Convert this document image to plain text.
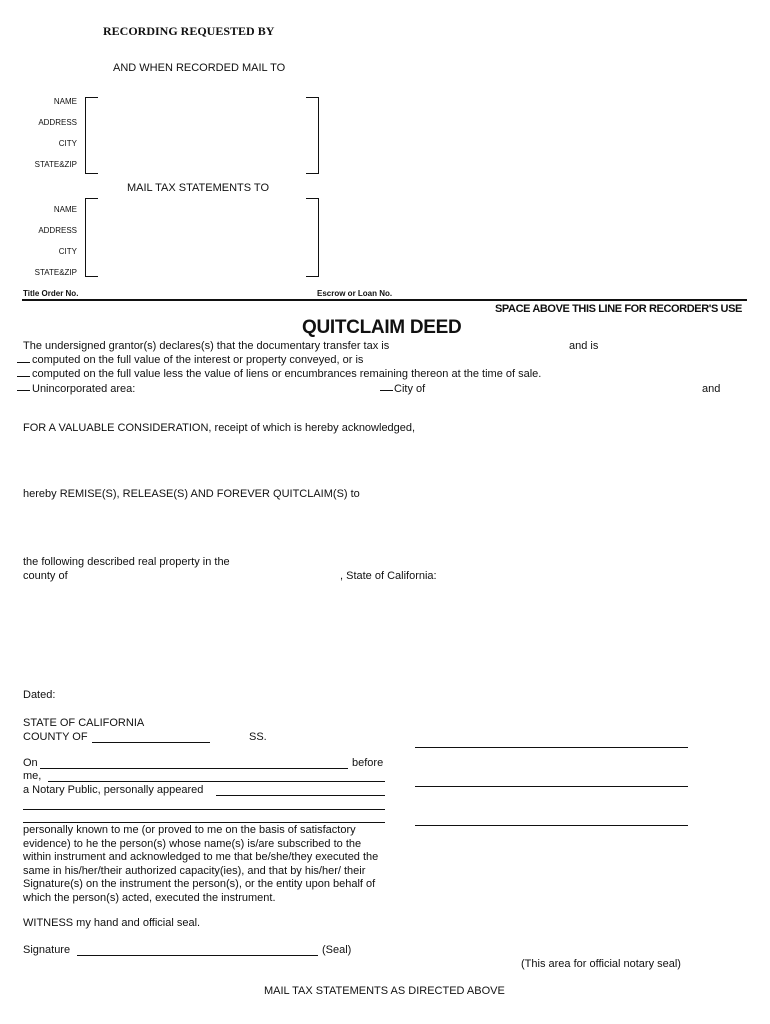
RECORDING REQUESTED BY
AND WHEN RECORDED MAIL TO
NAME
ADDRESS
CITY
STATE&ZIP
MAIL TAX STATEMENTS TO
NAME
ADDRESS
CITY
STATE&ZIP
Title Order No.	Escrow or Loan No.
SPACE ABOVE THIS LINE FOR RECORDER'S USE
QUITCLAIM DEED
The undersigned grantor(s) declares(s) that the documentary transfer tax is	and is
computed on the full value of the interest or property conveyed, or is
computed on the full value less the value of liens or encumbrances remaining thereon at the time of sale.
Unincorporated area:	City of	and
FOR A VALUABLE CONSIDERATION, receipt of which is hereby acknowledged,
hereby REMISE(S), RELEASE(S) AND FOREVER QUITCLAIM(S) to
the following described real property in the
county of	, State of California:
Dated:
STATE OF CALIFORNIA
COUNTY OF	SS.
On	before
me,
a Notary Public, personally appeared
personally known to me (or proved to me on the basis of satisfactory evidence) to he the person(s) whose name(s) is/are subscribed to the within instrument and acknowledged to me that be/she/they executed the same in his/her/their authorized capacity(ies), and that by his/her/ their Signature(s) on the instrument the person(s), or the entity upon behalf of which the person(s) acted, executed the instrument.
WITNESS my hand and official seal.
Signature	(Seal)
(This area for official notary seal)
MAIL TAX STATEMENTS AS DIRECTED ABOVE
